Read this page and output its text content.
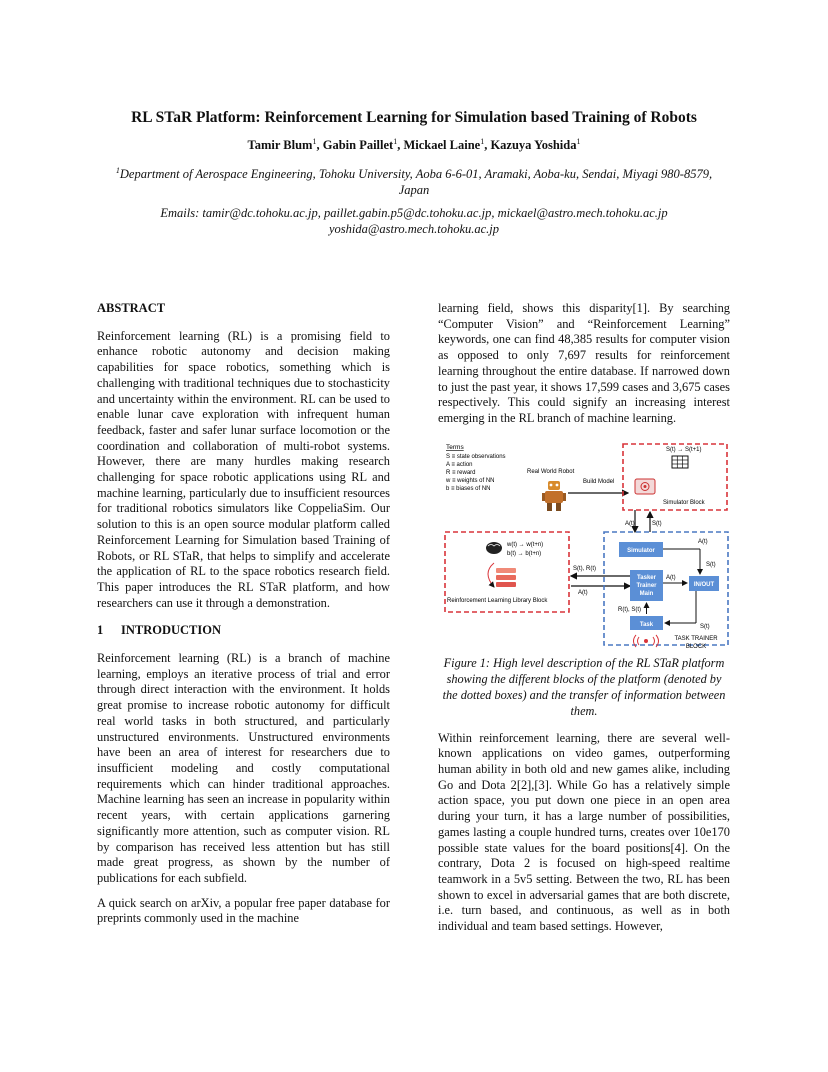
RL STaR Platform: Reinforcement Learning for Simulation based Training of Robots
Tamir Blum$^1$, Gabin Paillet$^1$, Mickael Laine$^1$, Kazuya Yoshida$^1$
$^1$Department of Aerospace Engineering, Tohoku University, Aoba 6-6-01, Aramaki, Aoba-ku, Sendai, Miyagi 980-8579, Japan
Emails: tamir@dc.tohoku.ac.jp, paillet.gabin.p5@dc.tohoku.ac.jp, mickael@astro.mech.tohoku.ac.jp
yoshida@astro.mech.tohoku.ac.jp

ABSTRACT

Reinforcement learning (RL) is a promising field to enhance robotic autonomy and decision making capabilities for space robotics, something which is challenging with traditional techniques due to stochasticity and uncertainty within the environment. RL can be used to enable lunar cave exploration with infrequent human feedback, faster and safer lunar surface locomotion or the coordination and collaboration of multi-robot systems. However, there are many hurdles making research challenging for space robotic applications using RL and machine learning, particularly due to insufficient resources for traditional robotics simulators like CoppeliaSim. Our solution to this is an open source modular platform called Reinforcement Learning for Simulation based Training of Robots, or RL STaR, that helps to simplify and accelerate the application of RL to the space robotics research field. This paper introduces the RL STaR platform, and how researchers can use it through a demonstration.

1 INTRODUCTION

Reinforcement learning (RL) is a branch of machine learning, employs an iterative process of trial and error through direct interaction with the environment. It holds great promise to increase robotic autonomy for difficult real world tasks in both structured, and particularly unstructured environments. Unstructured environments have been an area of interest for researchers due to insufficient modeling and costly computational requirements which can hinder traditional approaches. Machine learning has seen an increase in popularity within recent years, with certain applications garnering significantly more attention, such as computer vision. RL by comparison has received less attention but has still made great progress, as shown by the number of publications for each subfield.

A quick search on arXiv, a popular free paper database for preprints commonly used in the machine

learning field, shows this disparity[1]. By searching “Computer Vision” and “Reinforcement Learning” keywords, one can find 48,385 results for computer vision as opposed to only 7,697 results for reinforcement learning throughout the entire database. If narrowed down to just the past year, it shows 17,599 cases and 3,675 cases respectively. This could signify an increasing interest emerging in the RL branch of machine learning.

Terms
S ≡ state observations
A ≡ action
R ≡ reward
w ≡ weights of NN
b ≡ biases of NN
Real World Robot
Build Model
S(t) → S(t+1)
Simulator Block
A(t)	S(t)
w(t) → w(t+n)
b(t) → b(t+n)
Reinforcement Learning Library Block
S(t), R(t)
A(t)
Simulator
Tasker
Trainer
Main
IN/OUT
Task
A(t)
S(t)
S(t)
A(t)
R(t), S(t)
TASK TRAINER
BLOCK

Figure 1: High level description of the RL STaR platform showing the different blocks of the platform (denoted by the dotted boxes) and the transfer of information between them.

Within reinforcement learning, there are several well-known applications on video games, outperforming human ability in both old and new games alike, including Go and Dota 2[2],[3]. While Go has a relatively simple action space, you put down one piece in an open area during your turn, it has a large number of possibilities, games lasting a couple hundred turns, creates over 10e170 possible state values for the board positions[4]. On the contrary, Dota 2 is focused on high-speed realtime teamwork in a 5v5 setting. Between the two, RL has been shown to excel in adversarial games that are both discrete, i.e. turn based, and continuous, as well as in both individual and team based settings. However,
